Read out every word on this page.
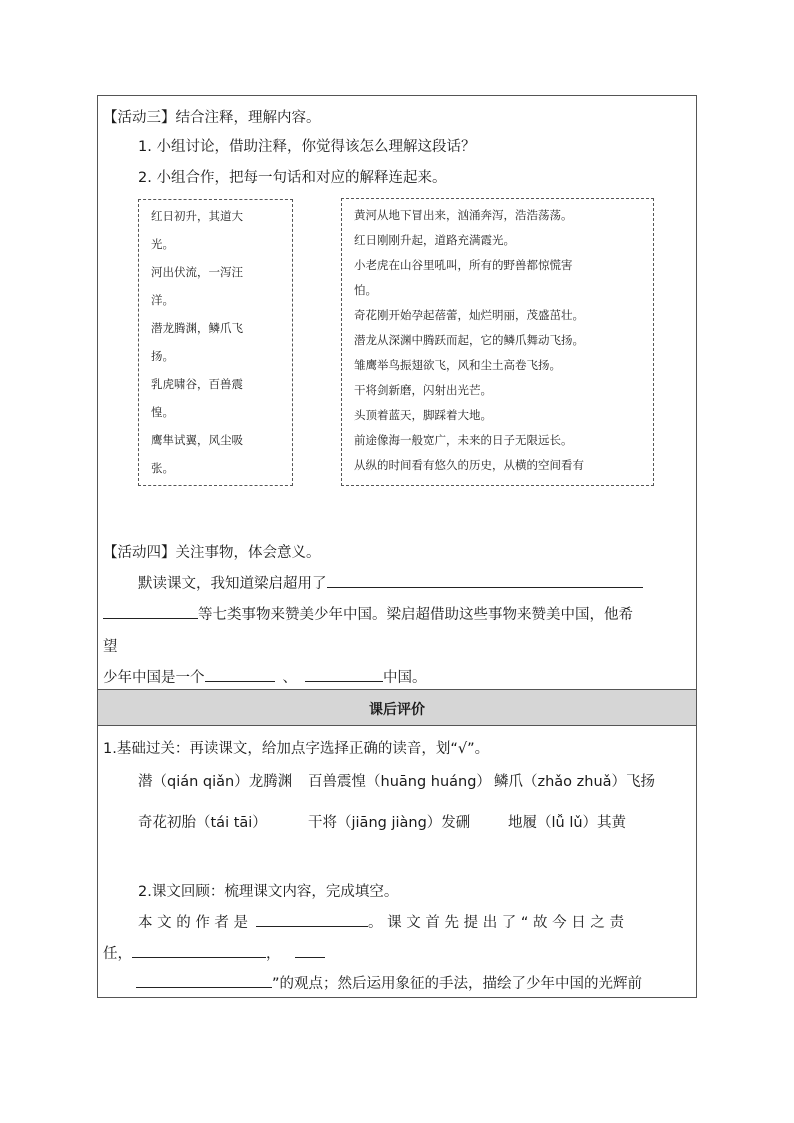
【活动三】结合注释，理解内容。
1. 小组讨论，借助注释，你觉得该怎么理解这段话？
2. 小组合作，把每一句话和对应的解释连起来。
红日初升，其道大
光。
河出伏流，一泻汪
洋。
潜龙腾渊，鳞爪飞
扬。
乳虎啸谷，百兽震
惶。
鹰隼试翼，风尘吸
张。
黄河从地下冒出来，汹涌奔泻，浩浩荡荡。
红日刚刚升起，道路充满霞光。
小老虎在山谷里吼叫，所有的野兽都惊慌害
怕。
奇花刚开始孕起蓓蕾，灿烂明丽，茂盛茁壮。
潜龙从深渊中腾跃而起，它的鳞爪舞动飞扬。
雏鹰举鸟振翅欲飞，风和尘土高卷飞扬。
干将剑新磨，闪射出光芒。
头顶着蓝天，脚踩着大地。
前途像海一般宽广，未来的日子无限远长。
从纵的时间看有悠久的历史，从横的空间看有
【活动四】关注事物，体会意义。
默读课文，我知道梁启超用了
等七类事物来赞美少年中国。梁启超借助这些事物来赞美中国，他希
望
少年中国是一个	、	中国。
课后评价
1.基础过关：再读课文，给加点字选择正确的读音，划“√”。
潜（qián qiǎn）龙腾渊 百兽震惶（huāng huáng） 鳞爪（zhǎo zhuǎ）飞扬
奇花初胎（tái tāi）	干将（jiāng jiàng）发硎	地履（lǚ lǔ）其黄
2.课文回顾：梳理课文内容，完成填空。
本 文 的 作 者 是	。 课 文 首 先 提 出 了 “ 故 今 日 之 责
任，	，
”的观点；然后运用象征的手法，描绘了少年中国的光辉前
